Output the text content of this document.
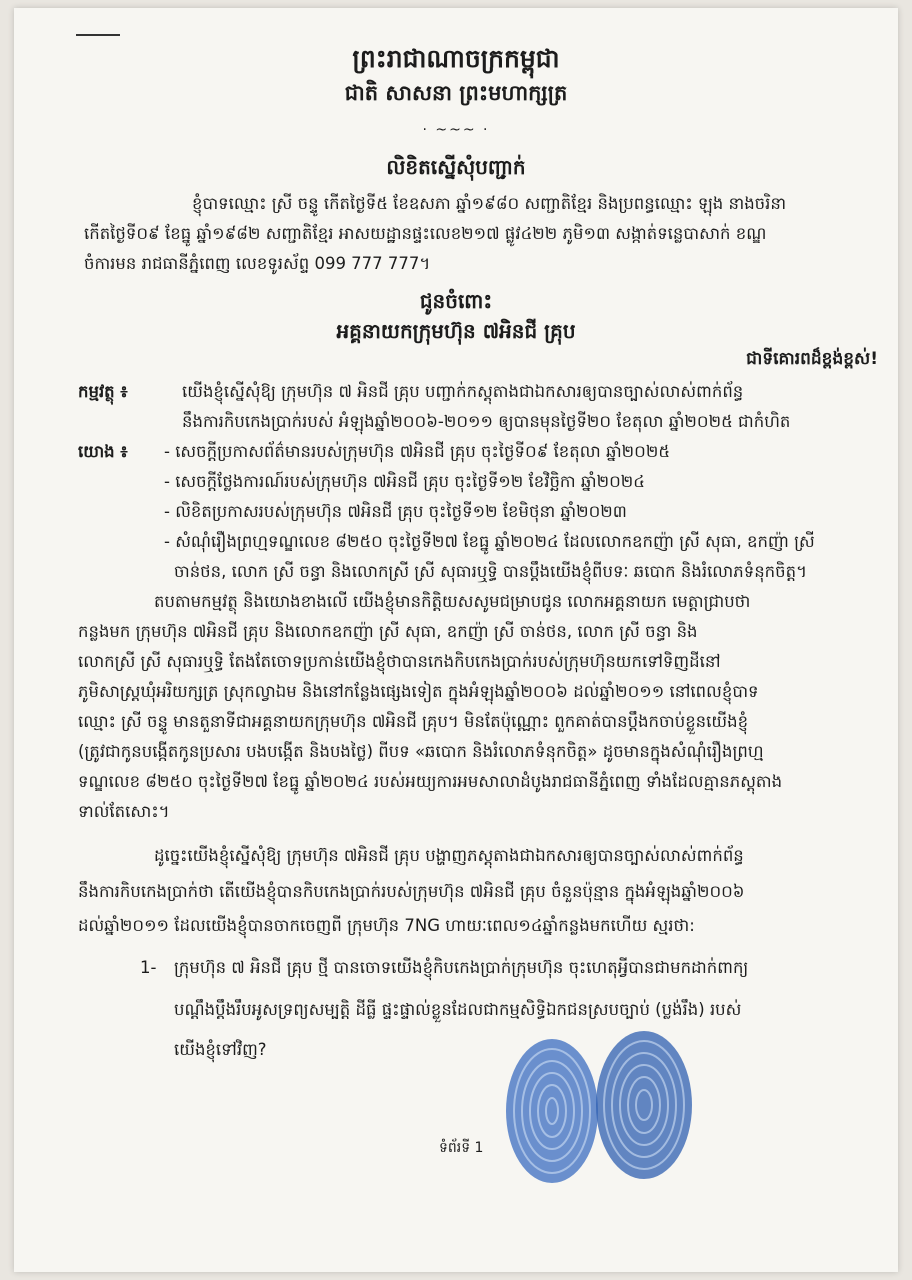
ព្រះរាជាណាចក្រកម្ពុជា
ជាតិ សាសនា ព្រះមហាក្សត្រ
· ~~~ ·
លិខិតស្នើសុំបញ្ជាក់
ខ្ញុំបាទឈ្មោះ ស្រី ចន្ទូ កើតថ្ងៃទី៥ ខែឧសភា ឆ្នាំ១៩៨០ សញ្ជាតិខ្មែរ និងប្រពន្ធឈ្មោះ ឡុង នាងចរិនា
កើតថ្ងៃទី០៩ ខែធ្នូ ឆ្នាំ១៩៨២ សញ្ជាតិខ្មែរ អាសយដ្ឋានផ្ទះលេខ២១៧ ផ្លូវ៤២២ ភូមិ១៣ សង្កាត់ទន្លេបាសាក់ ខណ្ឌ
ចំការមន រាជធានីភ្នំពេញ លេខទូរស័ព្ទ 099 777 777។
ជូនចំពោះ
អគ្គនាយកក្រុមហ៊ុន ៧អិនជី គ្រុប
ជាទីគោរពដ៏ខ្ពង់ខ្ពស់!
កម្មវត្ថុ ៖	យើងខ្ញុំស្នើសុំឱ្យ ក្រុមហ៊ុន ៧ អិនជី គ្រុប បញ្ជាក់កស្តុតាងជាឯកសារឲ្យបានច្បាស់លាស់ពាក់ព័ន្ធ
នឹងការកិបកេងប្រាក់របស់ អំឡុងឆ្នាំ២០០៦-២០១១ ឲ្យបានមុនថ្ងៃទី២០ ខែតុលា ឆ្នាំ២០២៥ ជាកំហិត
យោង ៖ - សេចក្តីប្រកាសព័ត៌មានរបស់ក្រុមហ៊ុន ៧អិនជី គ្រុប ចុះថ្ងៃទី០៩ ខែតុលា ឆ្នាំ២០២៥
- សេចក្តីថ្លែងការណ៍របស់ក្រុមហ៊ុន ៧អិនជី គ្រុប ចុះថ្ងៃទី១២ ខែវិច្ឆិកា ឆ្នាំ២០២៤
- លិខិតប្រកាសរបស់ក្រុមហ៊ុន ៧អិនជី គ្រុប ចុះថ្ងៃទី១២ ខែមិថុនា ឆ្នាំ២០២៣
- សំណុំរឿងព្រហ្មទណ្ឌលេខ ៨២៥០ ចុះថ្ងៃទី២៧ ខែធ្នូ ឆ្នាំ២០២៤ ដែលលោកឧកញ៉ា ស្រី សុធា, ឧកញ៉ា ស្រី
ចាន់ថន, លោក ស្រី ចន្ធា និងលោកស្រី ស្រី សុធារឬទ្ធិ បានប្តឹងយើងខ្ញុំពីបទៈ ឆបោក និងរំលោភទំនុកចិត្ត។
តបតាមកម្មវត្ថុ និងយោងខាងលើ យើងខ្ញុំមានកិត្តិយសសូមជម្រាបជូន លោកអគ្គនាយក មេត្តាជ្រាបថា
កន្លងមក ក្រុមហ៊ុន ៧អិនជី គ្រុប និងលោកឧកញ៉ា ស្រី សុធា, ឧកញ៉ា ស្រី ចាន់ថន, លោក ស្រី ចន្ធា និង
លោកស្រី ស្រី សុធារឬទ្ធិ តែងតែចោទប្រកាន់យើងខ្ញុំថាបានកេងកិបកេងប្រាក់របស់ក្រុមហ៊ុនយកទៅទិញដីនៅ
ភូមិសាស្ត្រឃុំអរិយក្សត្រ ស្រុកល្វាឯម និងនៅកន្លែងផ្សេងទៀត ក្នុងអំឡុងឆ្នាំ២០០៦ ដល់ឆ្នាំ២០១១ នៅពេលខ្ញុំបាទ
ឈ្មោះ ស្រី ចន្ទូ មានតួនាទីជាអគ្គនាយកក្រុមហ៊ុន ៧អិនជី គ្រុប។ មិនតែប៉ុណ្ណោះ ពួកគាត់បានប្តឹងកចាប់ខ្លួនយើងខ្ញុំ
(ត្រូវជាកូនបង្កើតកូនប្រសារ បងបង្កើត និងបងថ្លៃ) ពីបទ «ឆបោក និងរំលោភទំនុកចិត្ត» ដូចមានក្នុងសំណុំរឿងព្រហ្ម
ទណ្ឌលេខ ៨២៥០ ចុះថ្ងៃទី២៧ ខែធ្នូ ឆ្នាំ២០២៤ របស់អយ្យការអមសាលាដំបូងរាជធានីភ្នំពេញ ទាំងដែលគ្មានភស្តុតាង
ទាល់តែសោះ។
ដូច្នេះយើងខ្ញុំស្នើសុំឱ្យ ក្រុមហ៊ុន ៧អិនជី គ្រុប បង្ហាញភស្តុតាងជាឯកសារឲ្យបានច្បាស់លាស់ពាក់ព័ន្ធ
នឹងការកិបកេងប្រាក់ថា តើយើងខ្ញុំបានកិបកេងប្រាក់របស់ក្រុមហ៊ុន ៧អិនជី គ្រុប ចំនួនប៉ុន្មាន ក្នុងអំឡុងឆ្នាំ២០០៦
ដល់ឆ្នាំ២០១១ ដែលយើងខ្ញុំបានចាកចេញពី ក្រុមហ៊ុន 7NG ហាយៈពេល១៤ឆ្នាំកន្លងមកហើយ ស្មរថា:
1- ក្រុមហ៊ុន ៧ អិនជី គ្រុប ថ្មី បានចោទយើងខ្ញុំកិបកេងប្រាក់ក្រុមហ៊ុន ចុះហេតុអ្វីបានជាមកដាក់ពាក្យ
បណ្តឹងប្តឹងរឹបអូសទ្រព្យសម្បត្តិ ដីធ្លី ផ្ទះផ្ទាល់ខ្លួនដែលជាកម្មសិទ្ធិឯកជនស្របច្បាប់ (ប្លង់រឹង) របស់
យើងខ្ញុំទៅវិញ?
ទំព័រទី 1
